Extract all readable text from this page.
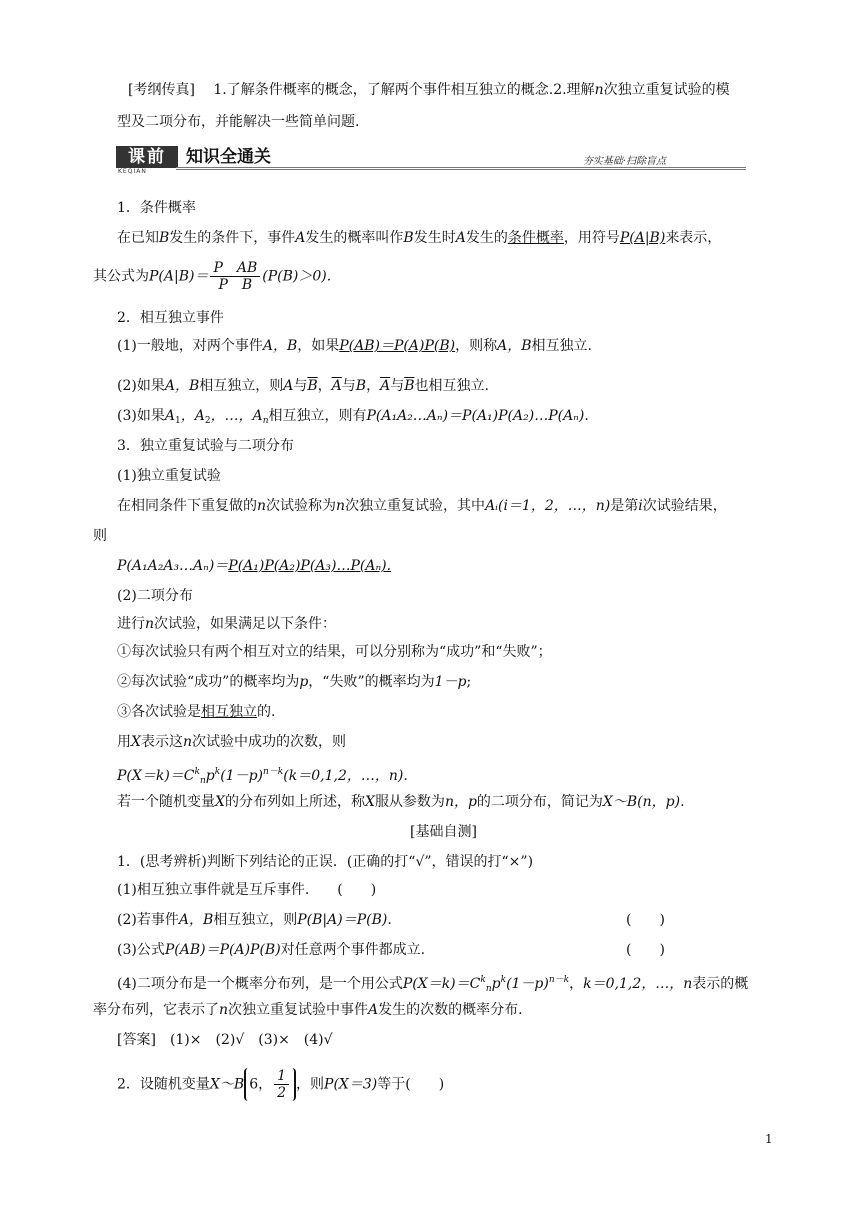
[考纲传真]　 1.了解条件概率的概念，了解两个事件相互独立的概念.2.理解n次独立重复试验的模
型及二项分布，并能解决一些简单问题.
课前
KEQIAN
知识全通关	夯实基础·扫除盲点
1．条件概率
在已知B发生的条件下，事件A发生的概率叫作B发生时A发生的条件概率，用符号P(A|B)来表示，
其公式为$P(A|B)= \frac{\text{P　AB}}{\text{P　B}} (P(B)>0)$.
2．相互独立事件
(1)一般地，对两个事件A，B，如果P(AB)＝P(A)P(B)，则称A，B相互独立.
(2)如果A，B相互独立，则A与$\overline{B}$，$\overline{A}$与B，$\overline{A}$与$\overline{B}$也相互独立.
(3)如果$A_1$，$A_2$，…，$A_n$相互独立，则有P(A₁A₂…Aₙ)＝P(A₁)P(A₂)…P(Aₙ).
3．独立重复试验与二项分布
(1)独立重复试验
在相同条件下重复做的n次试验称为n次独立重复试验，其中Aᵢ(i＝1，2，…，n)是第i次试验结果，
则
P(A₁A₂A₃…Aₙ)＝P(A₁)P(A₂)P(A₃)…P(Aₙ).
(2)二项分布
进行n次试验，如果满足以下条件：
①每次试验只有两个相互对立的结果，可以分别称为“成功”和“失败”；
②每次试验“成功”的概率均为p，“失败”的概率均为1－p;
③各次试验是相互独立的.
用X表示这n次试验中成功的次数，则
$P(X=k)=C^k_np^k(1-p)^{n-k}(k=0,1,2$，…，n).
若一个随机变量X的分布列如上所述，称X服从参数为n，p的二项分布，简记为X～B(n，p).
[基础自测]
1．(思考辨析)判断下列结论的正误．(正确的打“√”，错误的打“×”)
(1)相互独立事件就是互斥事件.　　 (　　)
(2)若事件A，B相互独立，则P(B|A)＝P(B).	(　　)
(3)公式P(AB)＝P(A)P(B)对任意两个事件都成立.	(　　)
(4)二项分布是一个概率分布列，是一个用公式$P(X=k)=C^k_np^k(1-p)^{n-k}$，k＝0,1,2，…，n表示的概
率分布列，它表示了n次独立重复试验中事件A发生的次数的概率分布.
[答案]　 (1)×　(2)√　(3)×　(4)√
2．设随机变量X～B 6， $\frac{1}{2}$ ，则P(X＝3)等于(　　)
1
